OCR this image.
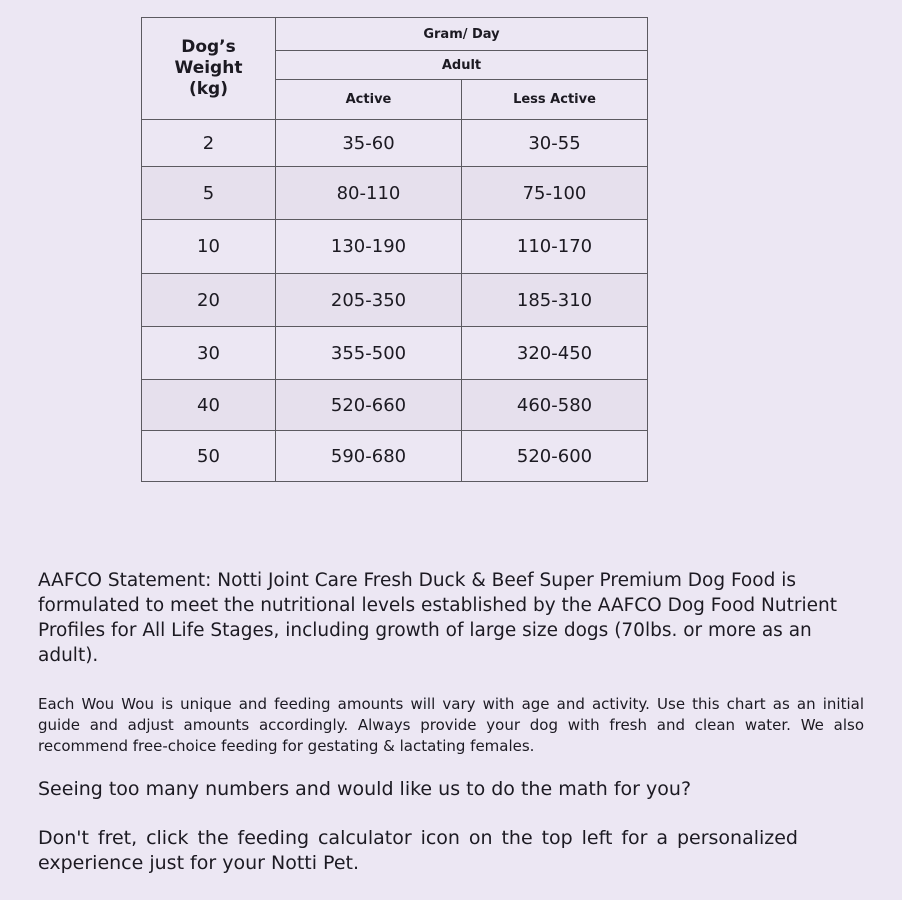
Dog’s
Weight
(kg)	Gram/ Day	
	Adult	
	Active	Less Active
2	35-60	30-55
5	80-110	75-100
10	130-190	110-170
20	205-350	185-310
30	355-500	320-450
40	520-660	460-580
50	590-680	520-600

AAFCO Statement: Notti Joint Care Fresh Duck & Beef Super Premium Dog Food is formulated to meet the nutritional levels established by the AAFCO Dog Food Nutrient Profiles for All Life Stages, including growth of large size dogs (70lbs. or more as an adult).

Each Wou Wou is unique and feeding amounts will vary with age and activity. Use this chart as an initial guide and adjust amounts accordingly. Always provide your dog with fresh and clean water. We also recommend free-choice feeding for gestating & lactating females.

Seeing too many numbers and would like us to do the math for you?

Don't fret, click the feeding calculator icon on the top left for a personalized experience just for your Notti Pet.
